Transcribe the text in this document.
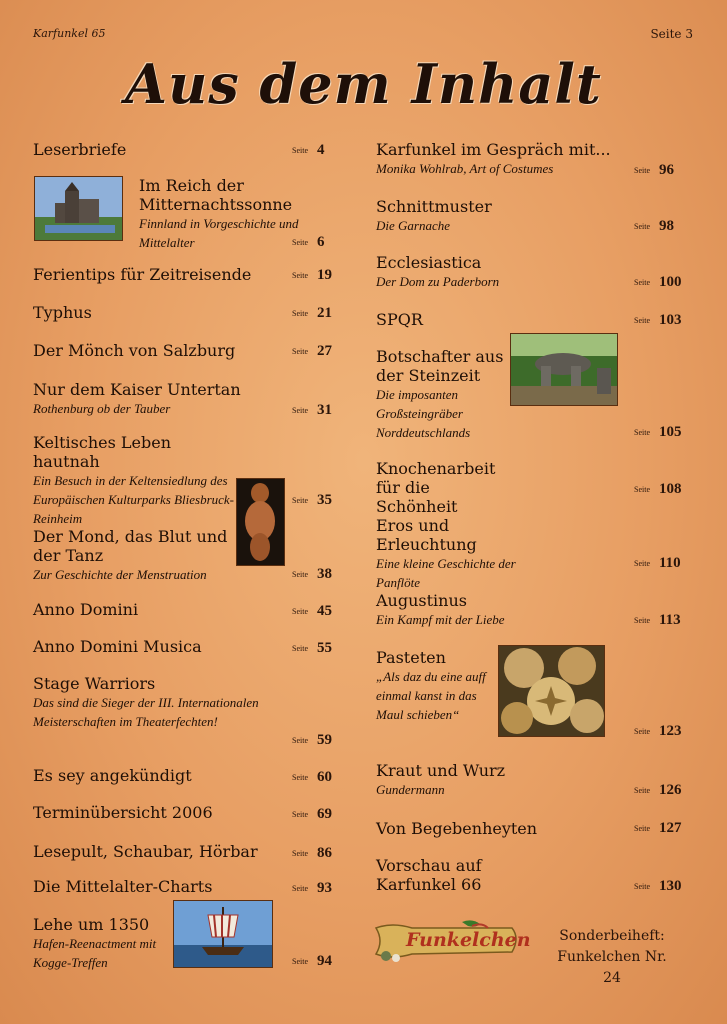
Karfunkel 65	Seite 3
Aus dem Inhalt
Leserbriefe	Seite 4
Im Reich der Mitternachtssonne
Finnland in Vorgeschichte und Mittelalter	Seite 6
Ferientips für Zeitreisende	Seite 19
Typhus	Seite 21
Der Mönch von Salzburg	Seite 27
Nur dem Kaiser Untertan
Rothenburg ob der Tauber	Seite 31
Keltisches Leben hautnah
Ein Besuch in der Keltensiedlung des Europäischen Kulturparks Bliesbruck-Reinheim
Seite 35
Der Mond, das Blut und der Tanz
Zur Geschichte der Menstruation	Seite 38
Anno Domini	Seite 45
Anno Domini Musica	Seite 55
Stage Warriors
Das sind die Sieger der III. Internationalen Meisterschaften im Theaterfechten!
Seite 59
Es sey angekündigt	Seite 60
Terminübersicht 2006	Seite 69
Lesepult, Schaubar, Hörbar	Seite 86
Die Mittelalter-Charts	Seite 93
Lehe um 1350
Hafen-Reenactment mit Kogge-Treffen	Seite 94
Karfunkel im Gespräch mit...
Monika Wohlrab, Art of Costumes	Seite 96
Schnittmuster
Die Garnache	Seite 98
Ecclesiastica
Der Dom zu Paderborn	Seite 100
SPQR	Seite 103
Botschafter aus der Steinzeit
Die imposanten Großsteingräber Norddeutschlands	Seite 105
Knochenarbeit für die Schönheit
Seite 108
Eros und Erleuchtung
Eine kleine Geschichte der Panflöte
Seite 110
Augustinus
Ein Kampf mit der Liebe	Seite 113
Pasteten
„Als daz du eine auff einmal kanst in das Maul schieben“
Seite 123
Kraut und Wurz
Gundermann	Seite 126
Von Begebenheyten	Seite 127
Vorschau auf Karfunkel 66	Seite 130
Funkelchen	Sonderbeiheft: Funkelchen Nr. 24
